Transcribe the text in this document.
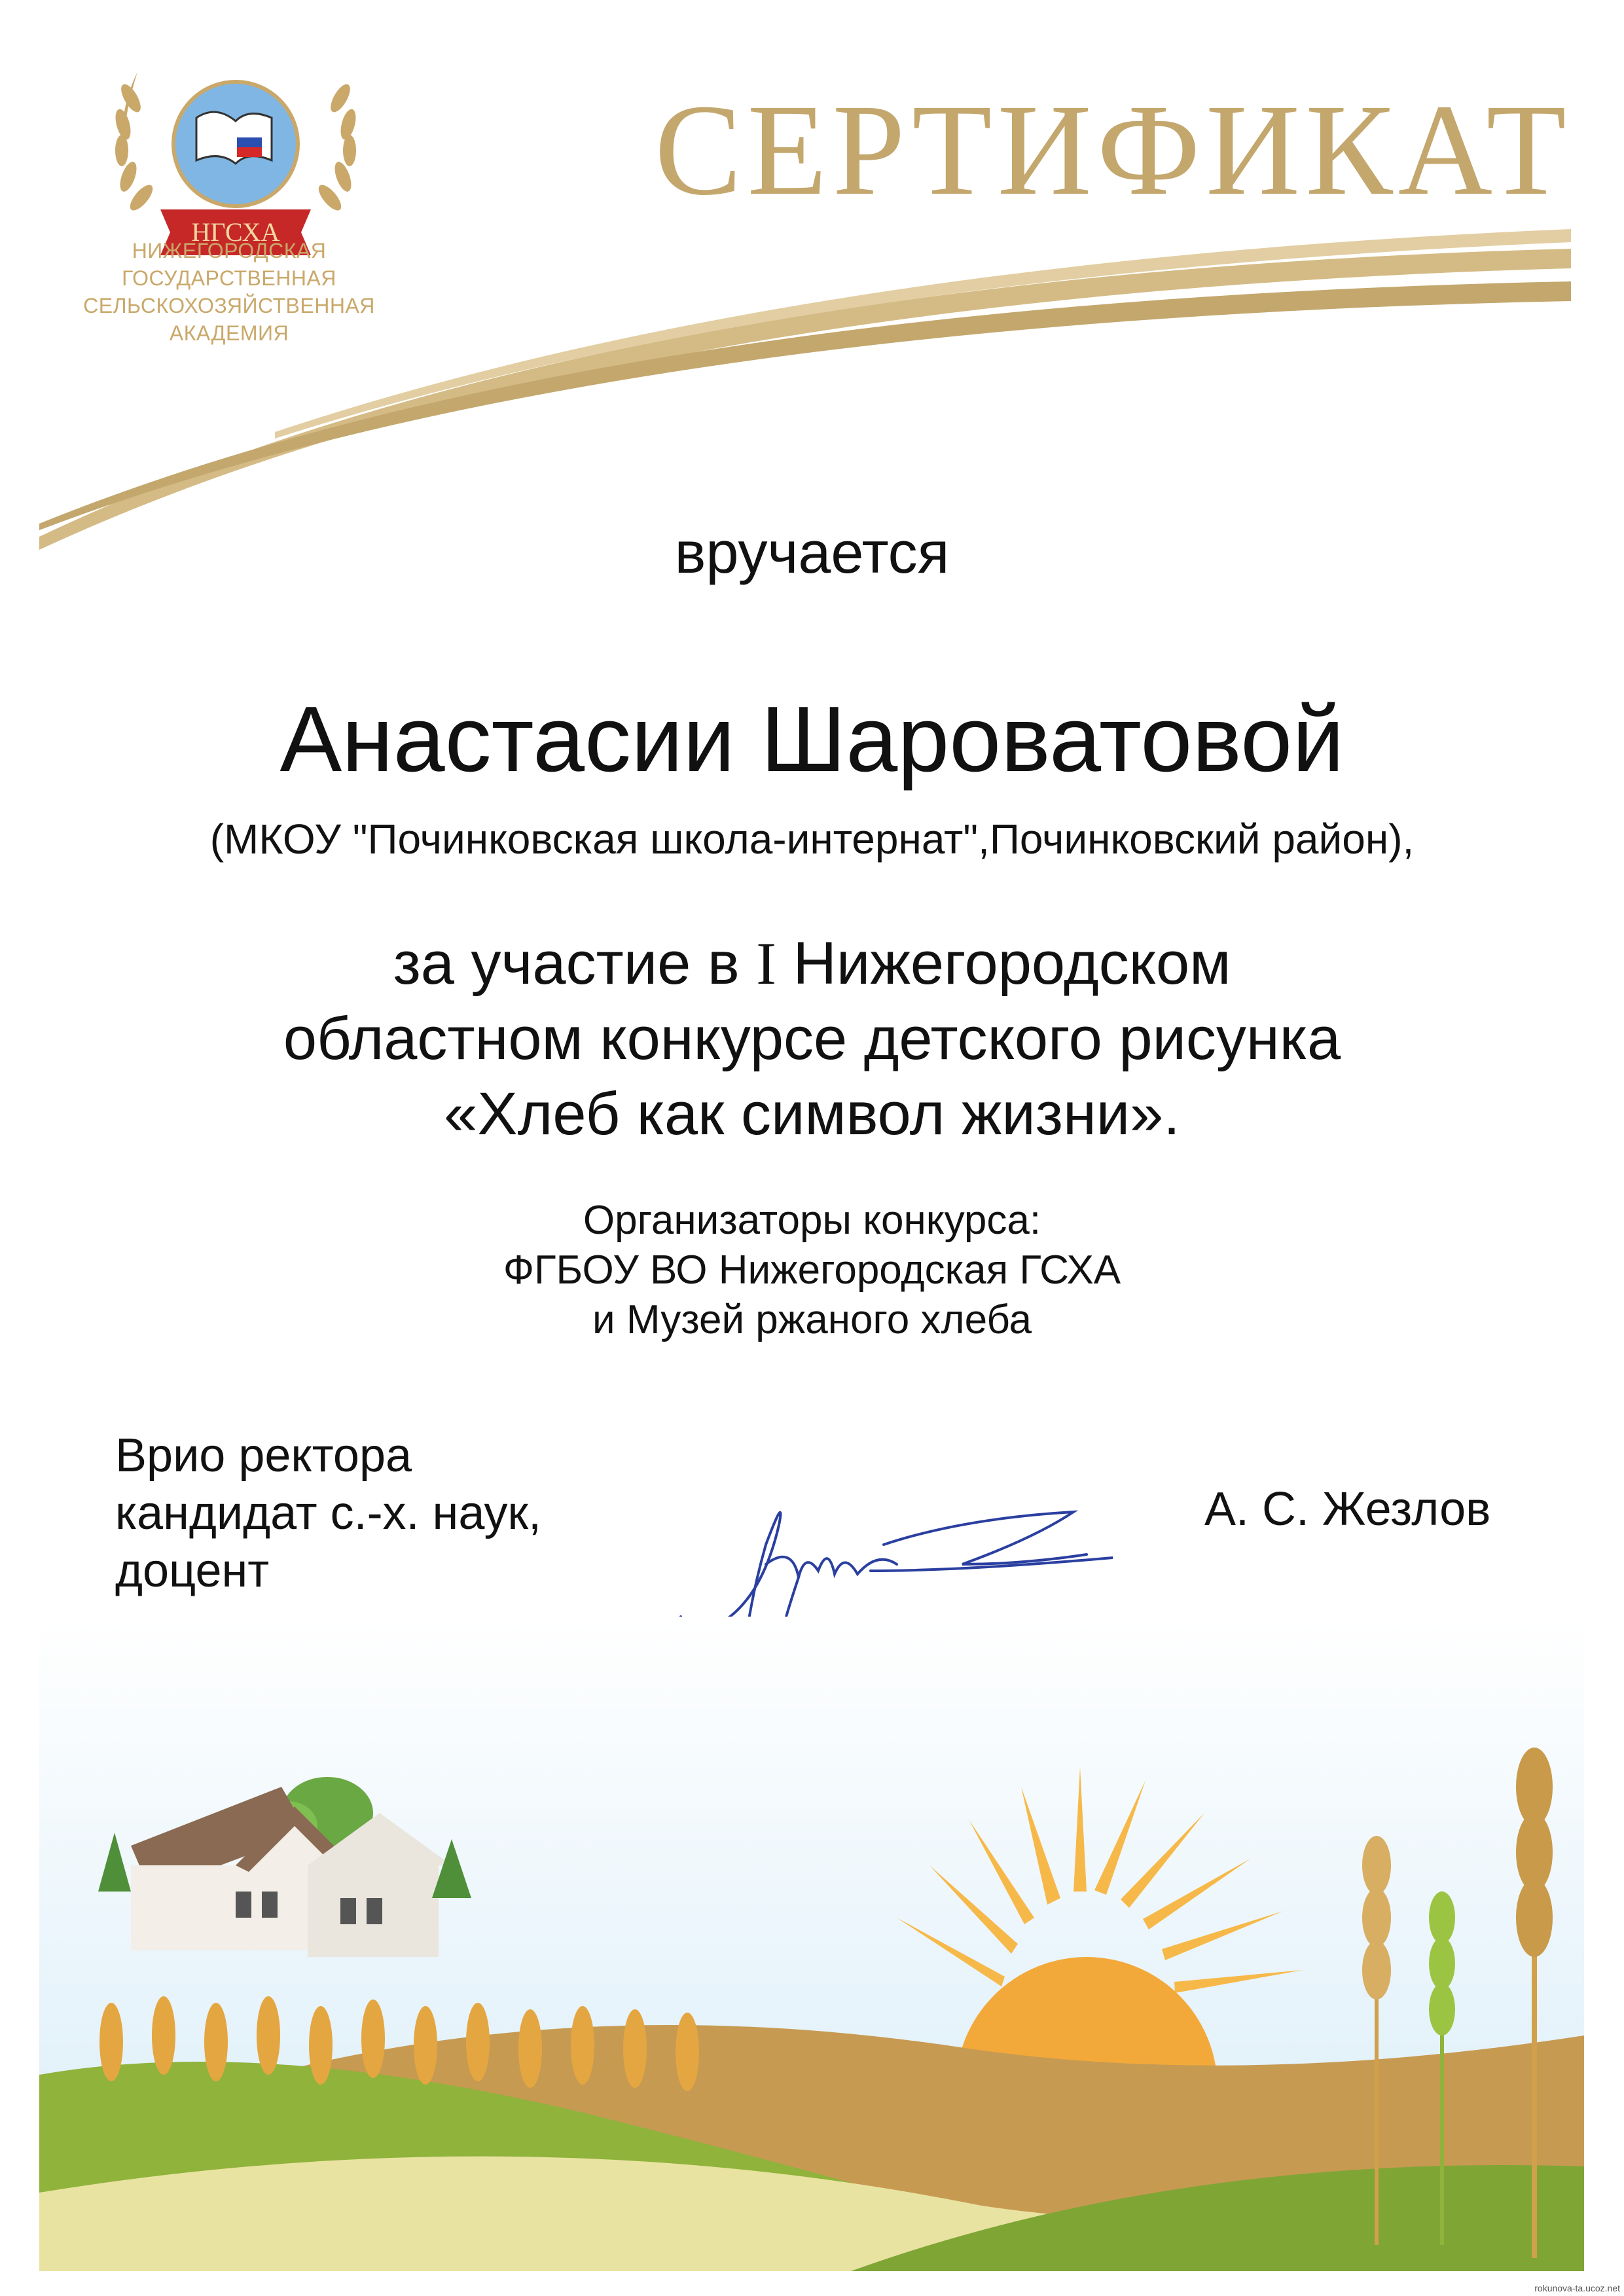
НГСХА
НИЖЕГОРОДСКАЯ
ГОСУДАРСТВЕННАЯ
СЕЛЬСКОХОЗЯЙСТВЕННАЯ
АКАДЕМИЯ
СЕРТИФИКАТ
вручается
Анастасии Шароватовой
(МКОУ "Починковская школа-интернат",Починковский район),
за участие в I Нижегородском
областном конкурсе детского рисунка
«Хлеб как символ жизни».
Организаторы конкурса:
ФГБОУ ВО Нижегородская ГСХА
и Музей ржаного хлеба
Врио ректора
кандидат с.-х. наук,
доцент
А. С. Жезлов
rokunova-ta.ucoz.net
